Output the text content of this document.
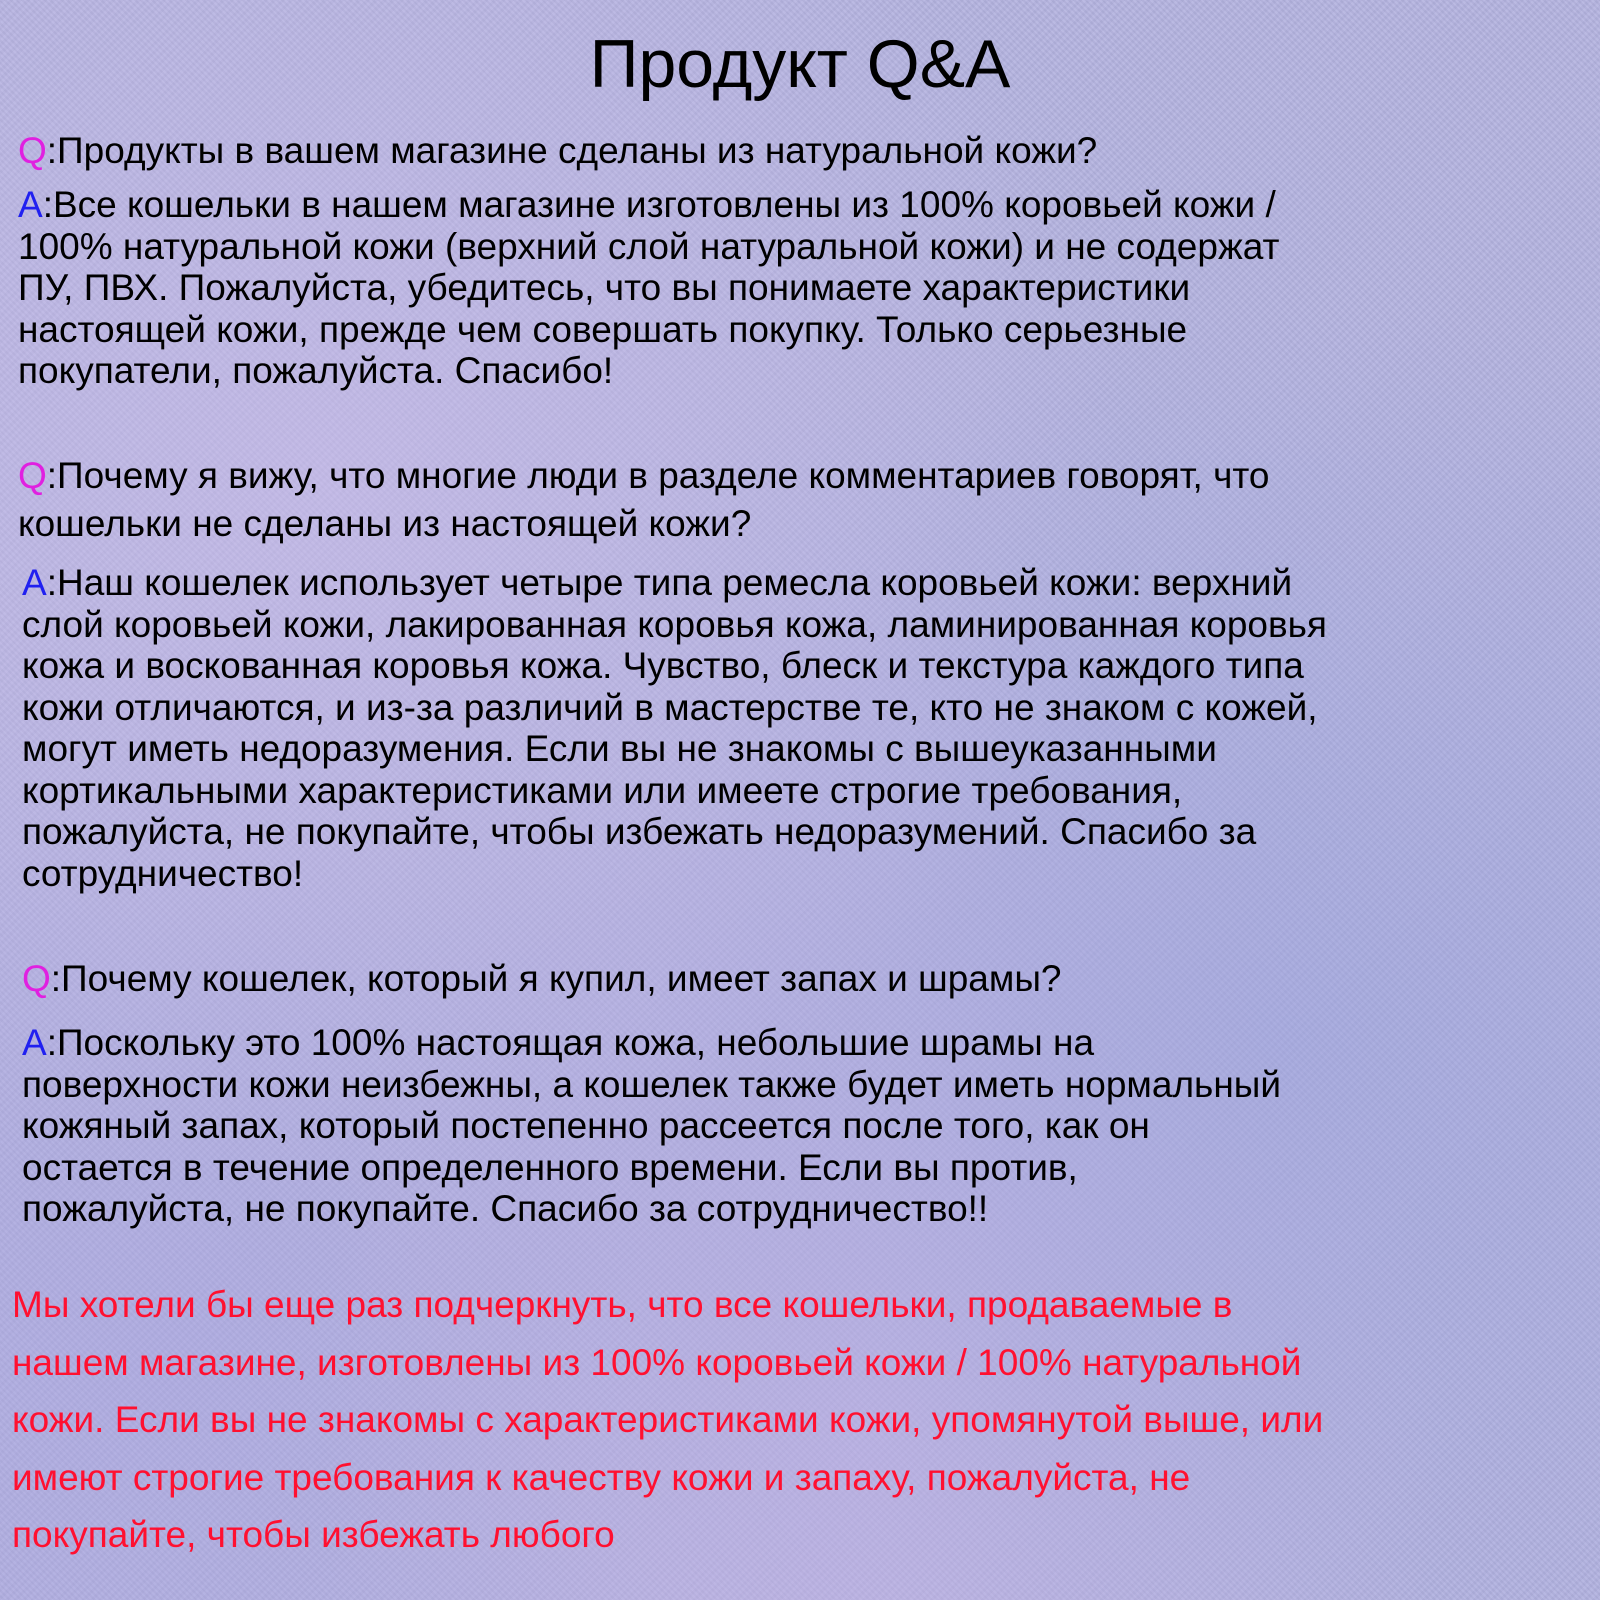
Продукт Q&A
Q:Продукты в вашем магазине сделаны из натуральной кожи?
A:Все кошельки в нашем магазине изготовлены из 100% коровьей кожи /
100% натуральной кожи (верхний слой натуральной кожи) и не содержат
ПУ, ПВХ. Пожалуйста, убедитесь, что вы понимаете характеристики
настоящей кожи, прежде чем совершать покупку. Только серьезные
покупатели, пожалуйста. Спасибо!
Q:Почему я вижу, что многие люди в разделе комментариев говорят, что
кошельки не сделаны из настоящей кожи?
A:Наш кошелек использует четыре типа ремесла коровьей кожи: верхний
слой коровьей кожи, лакированная коровья кожа, ламинированная коровья
кожа и воскованная коровья кожа. Чувство, блеск и текстура каждого типа
кожи отличаются, и из-за различий в мастерстве те, кто не знаком с кожей,
могут иметь недоразумения. Если вы не знакомы с вышеуказанными
кортикальными характеристиками или имеете строгие требования,
пожалуйста, не покупайте, чтобы избежать недоразумений. Спасибо за
сотрудничество!
Q:Почему кошелек, который я купил, имеет запах и шрамы?
A:Поскольку это 100% настоящая кожа, небольшие шрамы на
поверхности кожи неизбежны, а кошелек также будет иметь нормальный
кожяный запах, который постепенно рассеется после того, как он
остается в течение определенного времени. Если вы против,
пожалуйста, не покупайте. Спасибо за сотрудничество!!
Мы хотели бы еще раз подчеркнуть, что все кошельки, продаваемые в
нашем магазине, изготовлены из 100% коровьей кожи / 100% натуральной
кожи. Если вы не знакомы с характеристиками кожи, упомянутой выше, или
имеют строгие требования к качеству кожи и запаху, пожалуйста, не
покупайте, чтобы избежать любого
